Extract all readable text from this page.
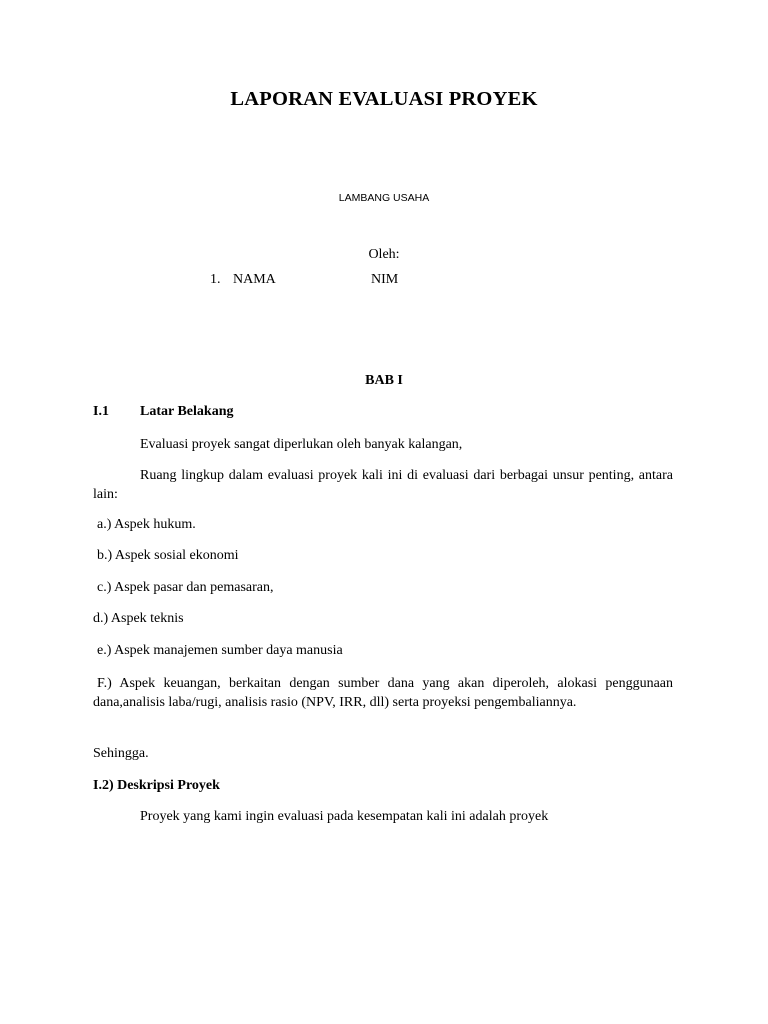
LAPORAN EVALUASI PROYEK
LAMBANG USAHA
Oleh:
1. NAMA	NIM
BAB I
I.1 Latar Belakang
Evaluasi proyek sangat diperlukan oleh banyak kalangan,
Ruang lingkup dalam evaluasi proyek kali ini di evaluasi dari berbagai unsur penting, antara lain:
a.) Aspek hukum.
b.) Aspek sosial ekonomi
c.) Aspek pasar dan pemasaran,
d.) Aspek teknis
e.) Aspek manajemen sumber daya manusia
F.) Aspek keuangan, berkaitan dengan sumber dana yang akan diperoleh, alokasi penggunaan dana,analisis laba/rugi, analisis rasio (NPV, IRR, dll) serta proyeksi pengembaliannya.
Sehingga.
I.2) Deskripsi Proyek
Proyek yang kami ingin evaluasi pada kesempatan kali ini adalah proyek
